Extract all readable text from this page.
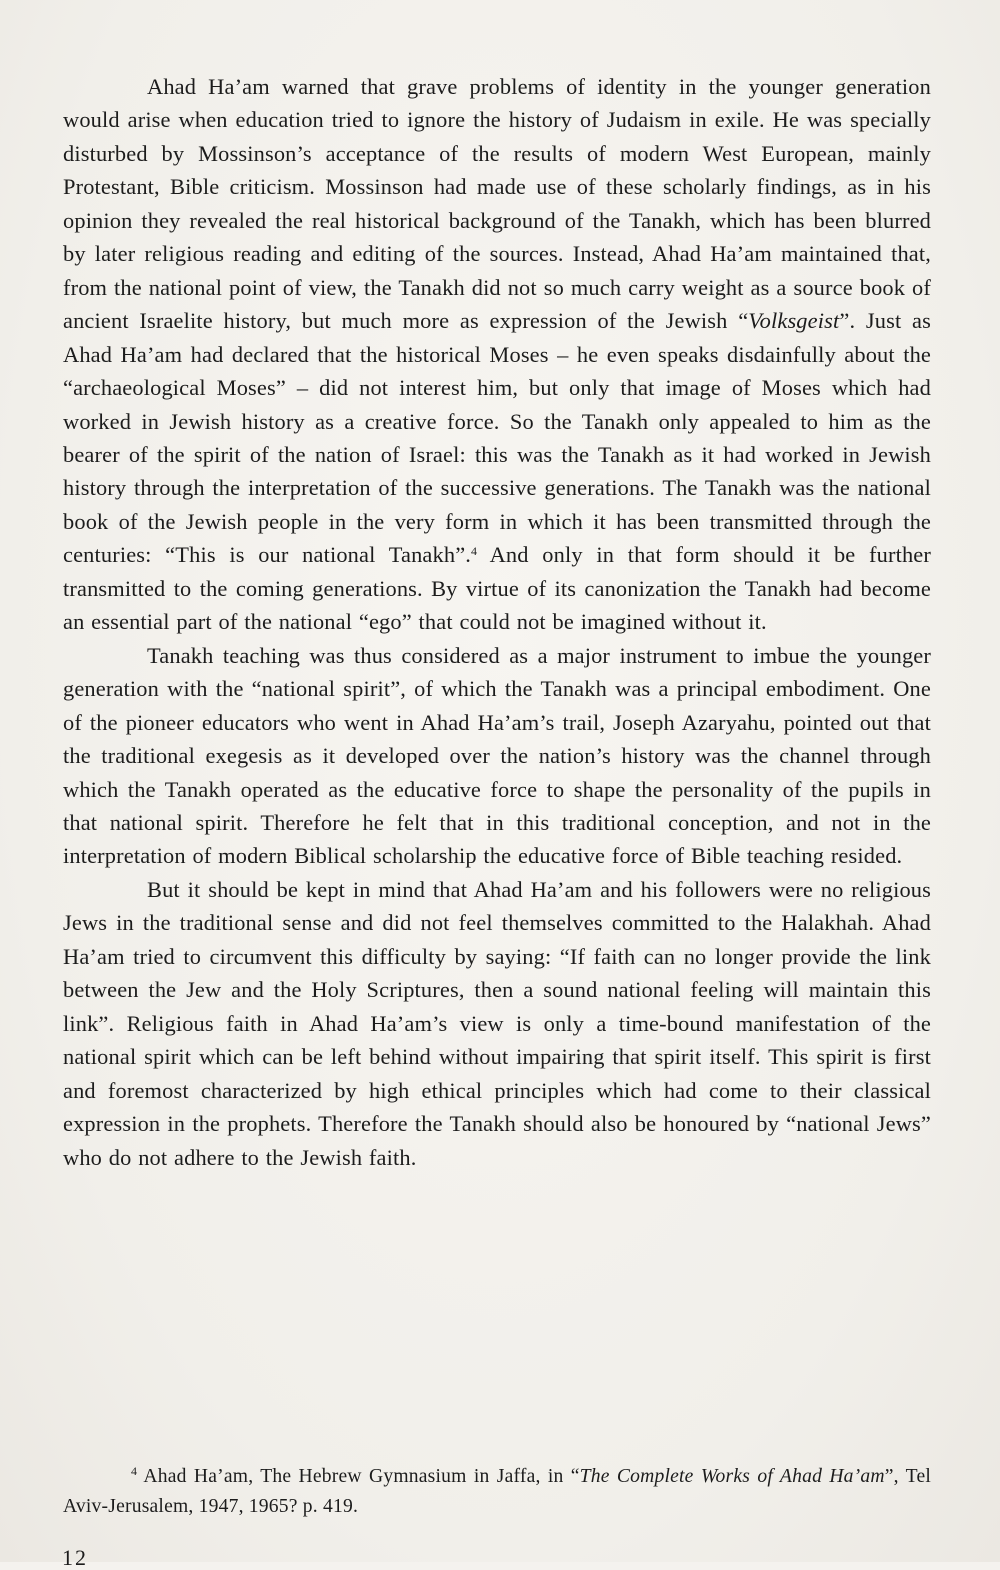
Ahad Ha’am warned that grave problems of identity in the younger generation would arise when education tried to ignore the history of Judaism in exile. He was specially disturbed by Mossinson’s acceptance of the results of modern West European, mainly Protestant, Bible criticism. Mossinson had made use of these scholarly findings, as in his opinion they revealed the real historical background of the Tanakh, which has been blurred by later religious reading and editing of the sources. Instead, Ahad Ha’am maintained that, from the national point of view, the Tanakh did not so much carry weight as a source book of ancient Israelite history, but much more as expression of the Jewish “Volksgeist”. Just as Ahad Ha’am had declared that the historical Moses – he even speaks disdainfully about the “archaeological Moses” – did not interest him, but only that image of Moses which had worked in Jewish history as a creative force. So the Tanakh only appealed to him as the bearer of the spirit of the nation of Israel: this was the Tanakh as it had worked in Jewish history through the interpretation of the successive generations. The Tanakh was the national book of the Jewish people in the very form in which it has been transmitted through the centuries: “This is our national Tanakh”.$^4$ And only in that form should it be further transmitted to the coming generations. By virtue of its canonization the Tanakh had become an essential part of the national “ego” that could not be imagined without it.

Tanakh teaching was thus considered as a major instrument to imbue the younger generation with the “national spirit”, of which the Tanakh was a principal embodiment. One of the pioneer educators who went in Ahad Ha’am’s trail, Joseph Azaryahu, pointed out that the traditional exegesis as it developed over the nation’s history was the channel through which the Tanakh operated as the educative force to shape the personality of the pupils in that national spirit. Therefore he felt that in this traditional conception, and not in the interpretation of modern Biblical scholarship the educative force of Bible teaching resided.

But it should be kept in mind that Ahad Ha’am and his followers were no religious Jews in the traditional sense and did not feel themselves committed to the Halakhah. Ahad Ha’am tried to circumvent this difficulty by saying: “If faith can no longer provide the link between the Jew and the Holy Scriptures, then a sound national feeling will maintain this link”. Religious faith in Ahad Ha’am’s view is only a time-bound manifestation of the national spirit which can be left behind without impairing that spirit itself. This spirit is first and foremost characterized by high ethical principles which had come to their classical expression in the prophets. Therefore the Tanakh should also be honoured by “national Jews” who do not adhere to the Jewish faith.

$^4$ Ahad Ha’am, The Hebrew Gymnasium in Jaffa, in “The Complete Works of Ahad Ha’am”, Tel Aviv-Jerusalem, 1947, 1965? p. 419.

12
